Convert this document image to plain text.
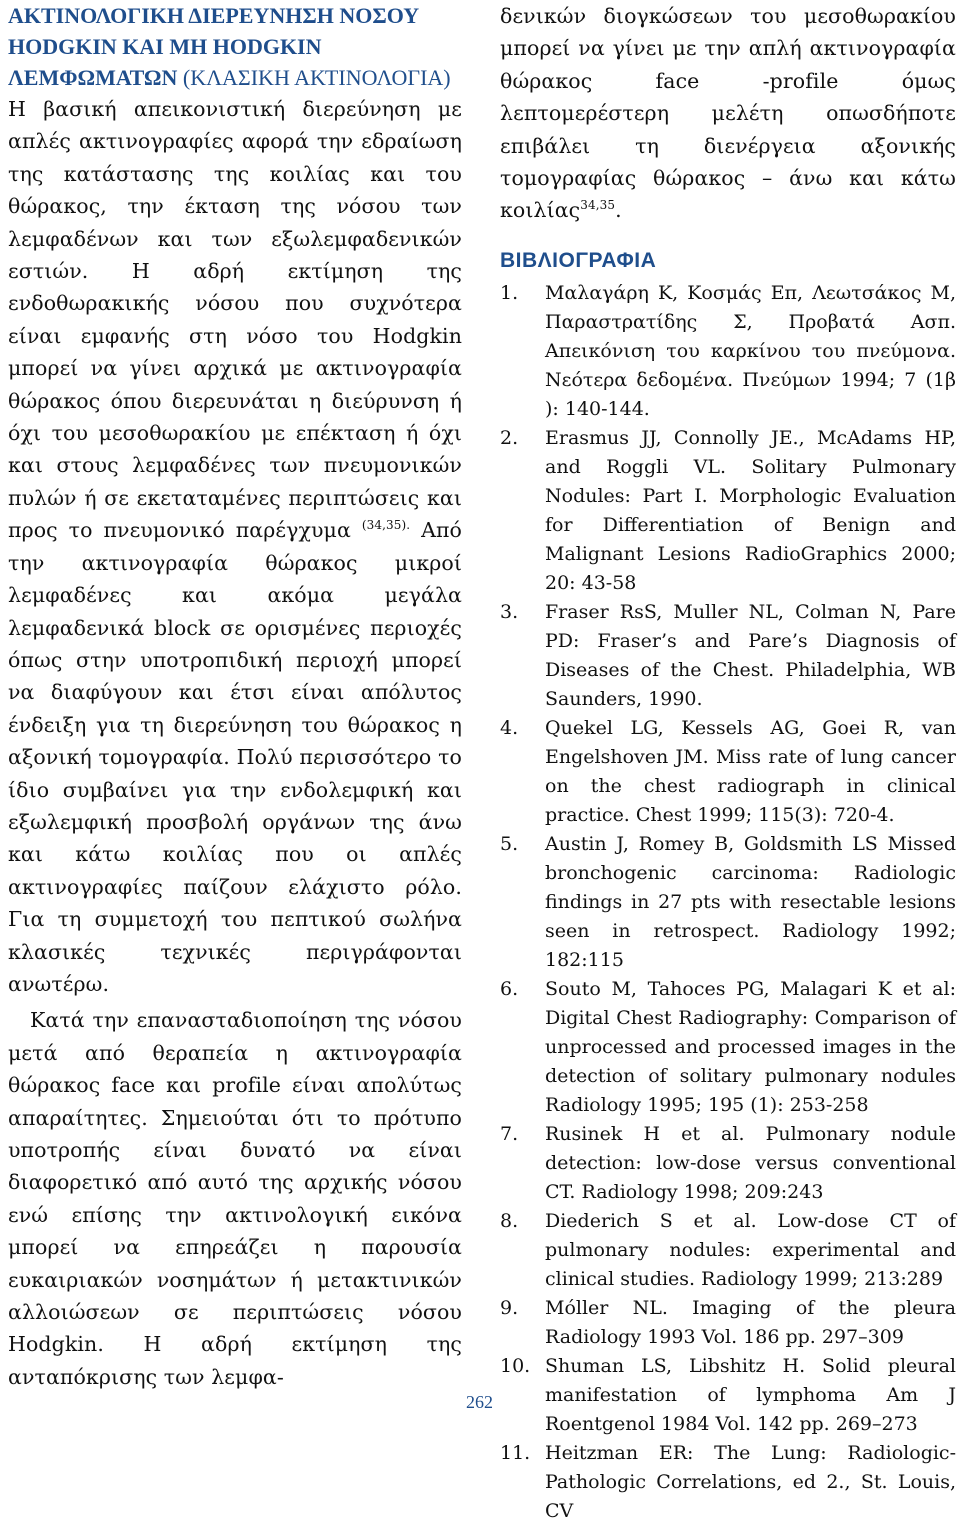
ΑΚΤΙΝΟΛΟΓΙΚΗ ΔΙΕΡΕΥΝΗΣΗ ΝΟΣΟΥ HODGKIN ΚΑΙ ΜΗ HODGKIN ΛΕΜΦΩΜΑΤΩΝ (ΚΛΑΣΙΚΗ ΑΚΤΙΝΟΛΟΓΙΑ)

Η βασική απεικονιστική διερεύνηση με απλές ακτινογραφίες αφορά την εδραίωση της κατάστασης της κοιλίας και του θώρακος, την έκταση της νόσου των λεμφαδένων και των εξωλεμφαδενικών εστιών. Η αδρή εκτίμηση της ενδοθωρακικής νόσου που συχνότερα είναι εμφανής στη νόσο του Hodgkin μπορεί να γίνει αρχικά με ακτινογραφία θώρακος όπου διερευνάται η διεύρυνση ή όχι του μεσοθωρακίου με επέκταση ή όχι και στους λεμφαδένες των πνευμονικών πυλών ή σε εκεταταμένες περιπτώσεις και προς το πνευμονικό παρέγχυμα $^{(34,35).}$ Από την ακτινογραφία θώρακος μικροί λεμφαδένες και ακόμα μεγάλα λεμφαδενικά block σε ορισμένες περιοχές όπως στην υποτροπιδική περιοχή μπορεί να διαφύγουν και έτσι είναι απόλυτος ένδειξη για τη διερεύνηση του θώρακος η αξονική τομογραφία. Πολύ περισσότερο το ίδιο συμβαίνει για την ενδολεμφική και εξωλεμφική προσβολή οργάνων της άνω και κάτω κοιλίας που οι απλές ακτινογραφίες παίζουν ελάχιστο ρόλο. Για τη συμμετοχή του πεπτικού σωλήνα κλασικές τεχνικές περιγράφονται ανωτέρω.

Κατά την επανασταδιοποίηση της νόσου μετά από θεραπεία η ακτινογραφία θώρακος face και profile είναι απολύτως απαραίτητες. Σημειούται ότι το πρότυπο υποτροπής είναι δυνατό να είναι διαφορετικό από αυτό της αρχικής νόσου ενώ επίσης την ακτινολογική εικόνα μπορεί να επηρεάζει η παρουσία ευκαιριακών νοσημάτων ή μετακτινικών αλλοιώσεων σε περιπτώσεις νόσου Hodgkin. Η αδρή εκτίμηση της ανταπόκρισης των λεμφα-

δενικών διογκώσεων του μεσοθωρακίου μπορεί να γίνει με την απλή ακτινογραφία θώρακος face -profile όμως λεπτομερέστερη μελέτη οπωσδήποτε επιβάλει τη διενέργεια αξονικής τομογραφίας θώρακος – άνω και κάτω κοιλίας$^{34,35}$.

ΒΙΒΛΙΟΓΡΑΦΙΑ
1. Μαλαγάρη Κ, Κοσμάς Επ, Λεωτσάκος Μ, Παραστρατίδης Σ, Προβατά Ασπ. Απεικόνιση του καρκίνου του πνεύμονα. Νεότερα δεδομένα. Πνεύμων 1994; 7 (1β ): 140-144.
2. Erasmus JJ, Connolly JE., McAdams HP, and Roggli VL. Solitary Pulmonary Nodules: Part I. Morphologic Evaluation for Differentiation of Benign and Malignant Lesions RadioGraphics 2000; 20: 43-58
3. Fraser RsS, Muller NL, Colman N, Pare PD: Fraser’s and Pare’s Diagnosis of Diseases of the Chest. Philadelphia, WB Saunders, 1990.
4. Quekel LG, Kessels AG, Goei R, van Engelshoven JM. Miss rate of lung cancer on the chest radiograph in clinical practice. Chest 1999; 115(3): 720-4.
5. Austin J, Romey B, Goldsmith LS Missed bronchogenic carcinoma: Radiologic findings in 27 pts with resectable lesions seen in retrospect. Radiology 1992; 182:115
6. Souto M, Tahoces PG, Malagari K et al: Digital Chest Radiography: Comparison of unprocessed and processed images in the detection of solitary pulmonary nodules Radiology 1995; 195 (1): 253-258
7. Rusinek H et al. Pulmonary nodule detection: low-dose versus conventional CT. Radiology 1998; 209:243
8. Diederich S et al. Low-dose CT of pulmonary nodules: experimental and clinical studies. Radiology 1999; 213:289
9. Mόller NL. Imaging of the pleura Radiology 1993 Vol. 186 pp. 297–309
10. Shuman LS, Libshitz H. Solid pleural manifestation of lymphoma Am J Roentgenol 1984 Vol. 142 pp. 269–273
11. Heitzman ER: The Lung: Radiologic-Pathologic Correlations, ed 2., St. Louis, CV
262
